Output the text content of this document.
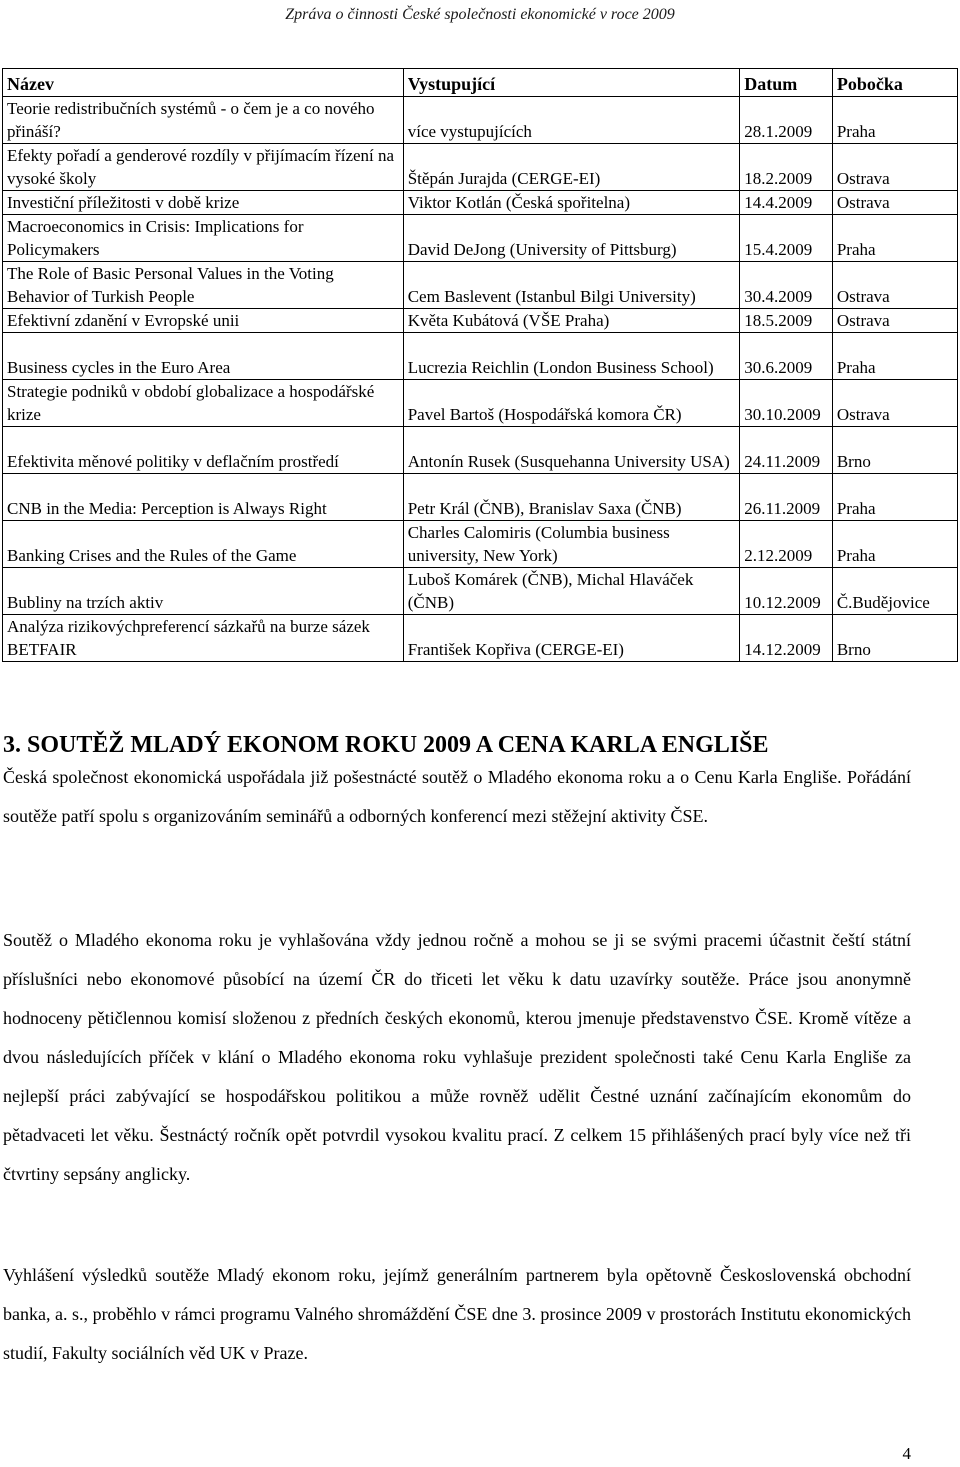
Zpráva o činnosti České společnosti ekonomické v roce 2009
Název	Vystupující	Datum	Pobočka
Teorie redistribučních systémů - o čem je a co nového přináší?	více vystupujících	28.1.2009	Praha
Efekty pořadí a genderové rozdíly v přijímacím řízení na vysoké školy	Štěpán Jurajda (CERGE-EI)	18.2.2009	Ostrava
Investiční příležitosti v době krize	Viktor Kotlán (Česká spořitelna)	14.4.2009	Ostrava
Macroeconomics in Crisis: Implications for Policymakers	David DeJong (University of Pittsburg)	15.4.2009	Praha
The Role of Basic Personal Values in the Voting Behavior of Turkish People	Cem Baslevent (Istanbul Bilgi University)	30.4.2009	Ostrava
Efektivní zdanění v Evropské unii	Květa Kubátová (VŠE Praha)	18.5.2009	Ostrava
Business cycles in the Euro Area	Lucrezia Reichlin (London Business School)	30.6.2009	Praha
Strategie podniků v období globalizace a hospodářské krize	Pavel Bartoš (Hospodářská komora ČR)	30.10.2009	Ostrava
Efektivita měnové politiky v deflačním prostředí	Antonín Rusek (Susquehanna University USA)	24.11.2009	Brno
CNB in the Media: Perception is Always Right	Petr Král (ČNB), Branislav Saxa (ČNB)	26.11.2009	Praha
Banking Crises and the Rules of the Game	Charles Calomiris (Columbia business university, New York)	2.12.2009	Praha
Bubliny na trzích aktiv	Luboš Komárek (ČNB), Michal Hlaváček (ČNB)	10.12.2009	Č.Budějovice
Analýza rizikovýchpreferencí sázkařů na burze sázek BETFAIR	František Kopřiva (CERGE-EI)	14.12.2009	Brno
3. SOUTĚŽ MLADÝ EKONOM ROKU 2009 A CENA KARLA ENGLIŠE

Česká společnost ekonomická uspořádala již pošestnácté soutěž o Mladého ekonoma roku a o Cenu Karla Engliše. Pořádání soutěže patří spolu s organizováním seminářů a odborných konferencí mezi stěžejní aktivity ČSE.

Soutěž o Mladého ekonoma roku je vyhlašována vždy jednou ročně a mohou se ji se svými pracemi účastnit čeští státní příslušníci nebo ekonomové působící na území ČR do třiceti let věku k datu uzavírky soutěže. Práce jsou anonymně hodnoceny pětičlennou komisí složenou z předních českých ekonomů, kterou jmenuje představenstvo ČSE. Kromě vítěze a dvou následujících příček v klání o Mladého ekonoma roku vyhlašuje prezident společnosti také Cenu Karla Engliše za nejlepší práci zabývající se hospodářskou politikou a může rovněž udělit Čestné uznání začínajícím ekonomům do pětadvaceti let věku. Šestnáctý ročník opět potvrdil vysokou kvalitu prací. Z celkem 15 přihlášených prací byly více než tři čtvrtiny sepsány anglicky.

Vyhlášení výsledků soutěže Mladý ekonom roku, jejímž generálním partnerem byla opětovně Československá obchodní banka, a. s., proběhlo v rámci programu Valného shromáždění ČSE dne 3. prosince 2009 v prostorách Institutu ekonomických studií, Fakulty sociálních věd UK v Praze.

4
